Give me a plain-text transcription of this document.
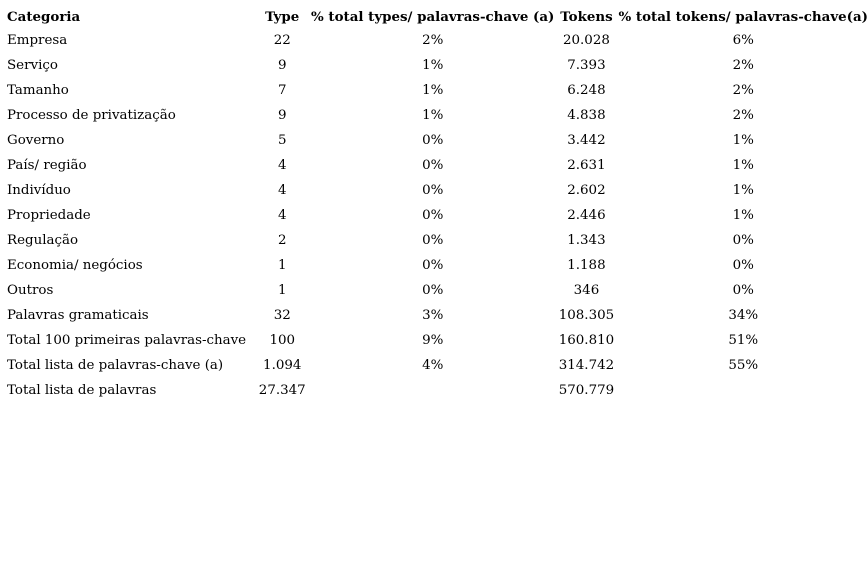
Categoria	Type	% total types/ palavras-chave (a)	Tokens	% total tokens/ palavras-chave(a)
Empresa	22	2%	20.028	6%
Serviço	9	1%	7.393	2%
Tamanho	7	1%	6.248	2%
Processo de privatização	9	1%	4.838	2%
Governo	5	0%	3.442	1%
País/ região	4	0%	2.631	1%
Indivíduo	4	0%	2.602	1%
Propriedade	4	0%	2.446	1%
Regulação	2	0%	1.343	0%
Economia/ negócios	1	0%	1.188	0%
Outros	1	0%	346	0%
Palavras gramaticais	32	3%	108.305	34%
Total 100 primeiras palavras-chave	100	9%	160.810	51%
Total lista de palavras-chave (a)	1.094	4%	314.742	55%
Total lista de palavras	27.347		570.779	
